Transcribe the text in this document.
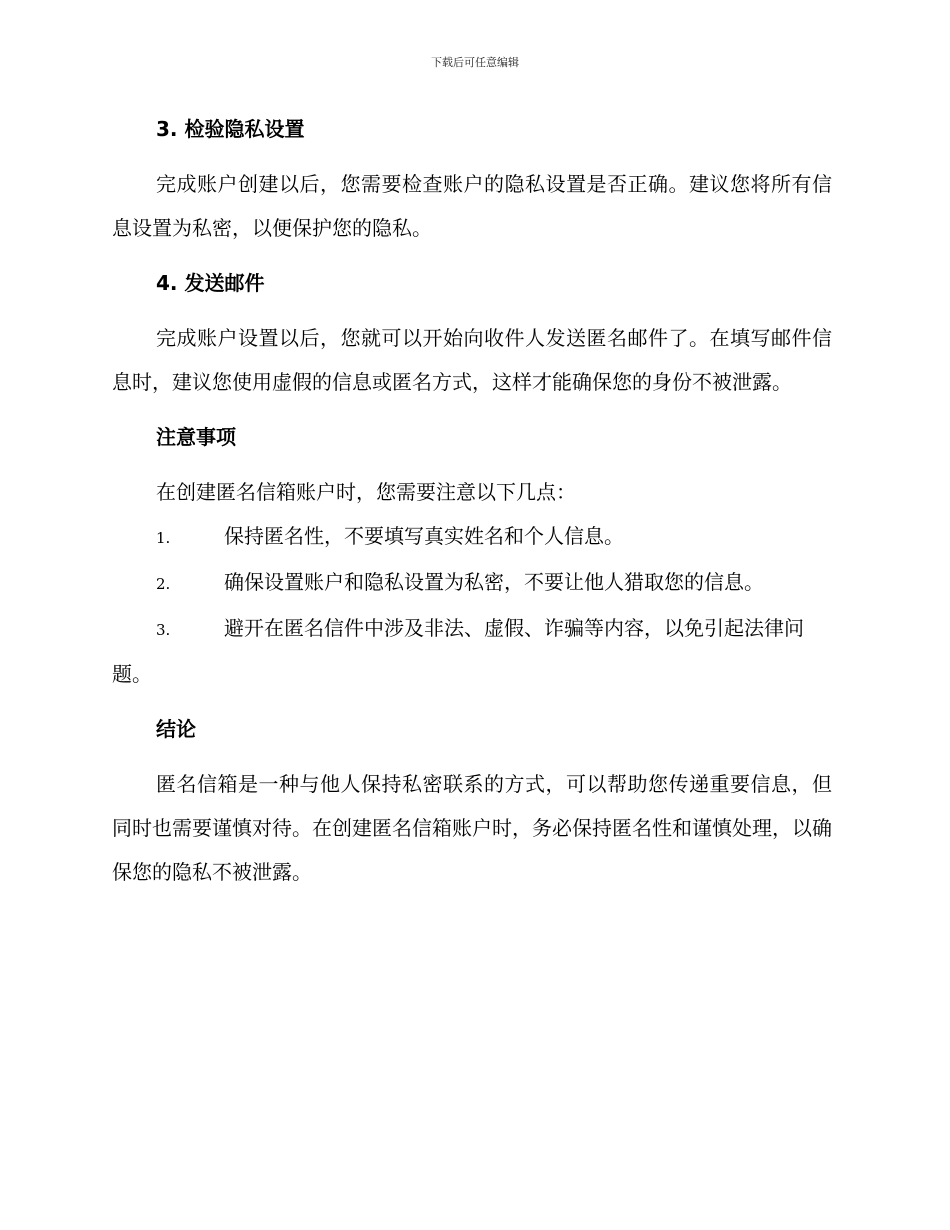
下载后可任意编辑
3. 检验隐私设置

完成账户创建以后，您需要检查账户的隐私设置是否正确。建议您将所有信息设置为私密，以便保护您的隐私。

4. 发送邮件

完成账户设置以后，您就可以开始向收件人发送匿名邮件了。在填写邮件信息时，建议您使用虚假的信息或匿名方式，这样才能确保您的身份不被泄露。

注意事项

在创建匿名信箱账户时，您需要注意以下几点：

1.	保持匿名性，不要填写真实姓名和个人信息。

2.	确保设置账户和隐私设置为私密，不要让他人猎取您的信息。

3.	避开在匿名信件中涉及非法、虚假、诈骗等内容，以免引起法律问题。

结论

匿名信箱是一种与他人保持私密联系的方式，可以帮助您传递重要信息，但同时也需要谨慎对待。在创建匿名信箱账户时，务必保持匿名性和谨慎处理，以确保您的隐私不被泄露。
